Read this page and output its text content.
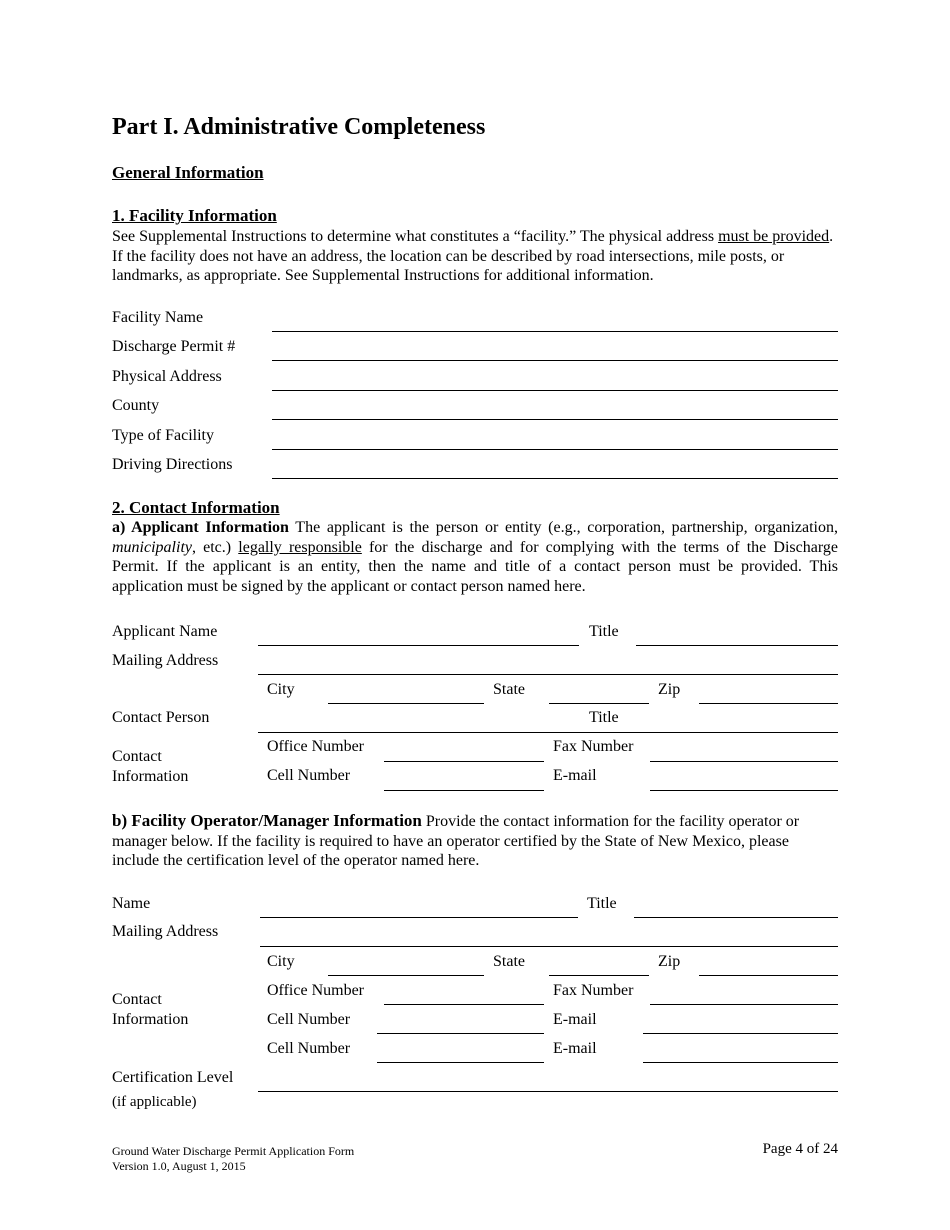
Part I. Administrative Completeness
General Information
1. Facility Information
See Supplemental Instructions to determine what constitutes a “facility.” The physical address must be provided. If the facility does not have an address, the location can be described by road intersections, mile posts, or landmarks, as appropriate. See Supplemental Instructions for additional information.
Facility Name
Discharge Permit #
Physical Address
County
Type of Facility
Driving Directions
2. Contact Information
a) Applicant Information The applicant is the person or entity (e.g., corporation, partnership, organization, municipality, etc.) legally responsible for the discharge and for complying with the terms of the Discharge Permit. If the applicant is an entity, then the name and title of a contact person must be provided. This application must be signed by the applicant or contact person named here.
Applicant Name	Title
Mailing Address
City	State	Zip
Contact Person	Title
Contact
Information
Office Number	Fax Number
Cell Number	E-mail
b) Facility Operator/Manager Information Provide the contact information for the facility operator or manager below. If the facility is required to have an operator certified by the State of New Mexico, please include the certification level of the operator named here.
Name	Title
Mailing Address
City	State	Zip
Contact
Information
Office Number	Fax Number
Cell Number	E-mail
Cell Number	E-mail
Certification Level
(if applicable)
Ground Water Discharge Permit Application Form
Version 1.0, August 1, 2015
Page 4 of 24
